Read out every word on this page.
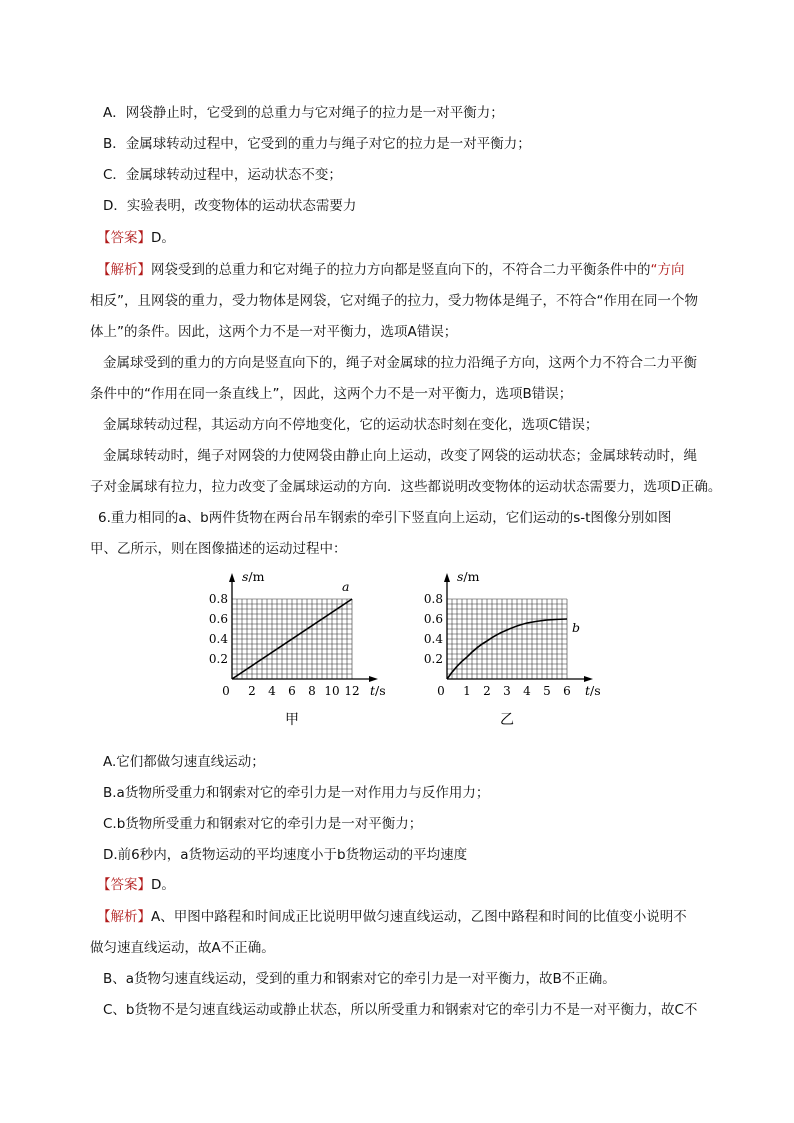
A．网袋静止时，它受到的总重力与它对绳子的拉力是一对平衡力；
B．金属球转动过程中，它受到的重力与绳子对它的拉力是一对平衡力；
C．金属球转动过程中，运动状态不变；
D．实验表明，改变物体的运动状态需要力
【答案】D。
【解析】网袋受到的总重力和它对绳子的拉力方向都是竖直向下的，不符合二力平衡条件中的“方向
相反”，且网袋的重力，受力物体是网袋，它对绳子的拉力，受力物体是绳子，不符合“作用在同一个物
体上”的条件。因此，这两个力不是一对平衡力，选项A错误；
金属球受到的重力的方向是竖直向下的，绳子对金属球的拉力沿绳子方向，这两个力不符合二力平衡
条件中的“作用在同一条直线上”，因此，这两个力不是一对平衡力，选项B错误；
金属球转动过程，其运动方向不停地变化，它的运动状态时刻在变化，选项C错误；
金属球转动时，绳子对网袋的力使网袋由静止向上运动，改变了网袋的运动状态；金属球转动时，绳
子对金属球有拉力，拉力改变了金属球运动的方向．这些都说明改变物体的运动状态需要力，选项D正确。
6.重力相同的a、b两件货物在两台吊车钢索的牵引下竖直向上运动，它们运动的s-t图像分别如图
甲、乙所示，则在图像描述的运动过程中：
0.2
0.4
0.6
0.8
2 4 6 8 10 12
0
s/m
t/s
a
甲
0.2
0.4
0.6
0.8
1 2 3 4 5 6
0
s/m
t/s
b
乙
A.它们都做匀速直线运动；
B.a货物所受重力和钢索对它的牵引力是一对作用力与反作用力；
C.b货物所受重力和钢索对它的牵引力是一对平衡力；
D.前6秒内，a货物运动的平均速度小于b货物运动的平均速度
【答案】D。
【解析】A、甲图中路程和时间成正比说明甲做匀速直线运动，乙图中路程和时间的比值变小说明不
做匀速直线运动，故A不正确。
B、a货物匀速直线运动，受到的重力和钢索对它的牵引力是一对平衡力，故B不正确。
C、b货物不是匀速直线运动或静止状态，所以所受重力和钢索对它的牵引力不是一对平衡力，故C不
